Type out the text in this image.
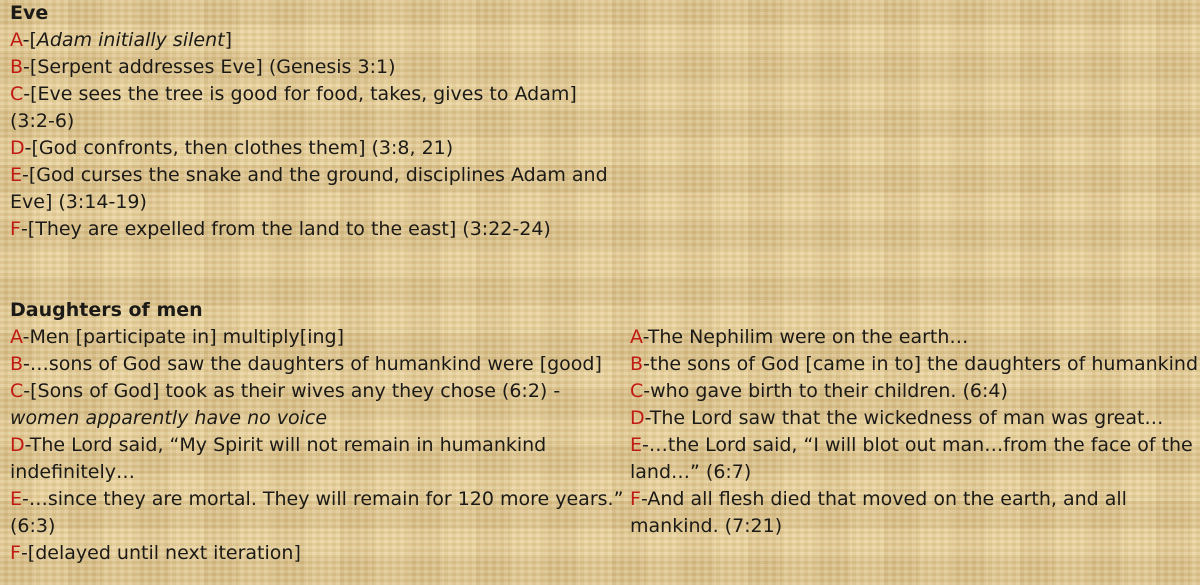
Eve
A-[Adam initially silent]
B-[Serpent addresses Eve] (Genesis 3:1)
C-[Eve sees the tree is good for food, takes, gives to Adam]
(3:2-6)
D-[God confronts, then clothes them] (3:8, 21)
E-[God curses the snake and the ground, disciplines Adam and
Eve] (3:14-19)
F-[They are expelled from the land to the east] (3:22-24)
Daughters of men
A-Men [participate in] multiply[ing]
B-…sons of God saw the daughters of humankind were [good]
C-[Sons of God] took as their wives any they chose (6:2) -
women apparently have no voice
D-The Lord said, “My Spirit will not remain in humankind
indefinitely…
E-…since they are mortal. They will remain for 120 more years.”
(6:3)
F-[delayed until next iteration]
A-The Nephilim were on the earth…
B-the sons of God [came in to] the daughters of humankind
C-who gave birth to their children. (6:4)
D-The Lord saw that the wickedness of man was great…
E-…the Lord said, “I will blot out man…from the face of the
land…” (6:7)
F-And all flesh died that moved on the earth, and all
mankind. (7:21)
